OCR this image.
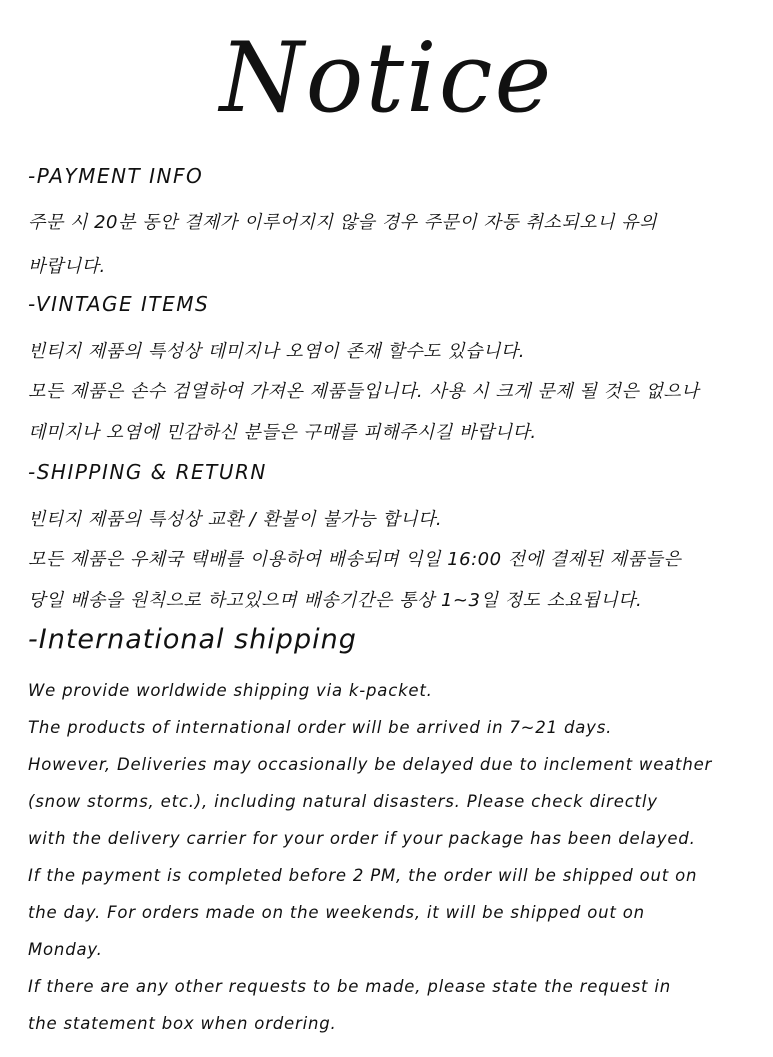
Notice

-PAYMENT INFO

주문 시 20분 동안 결제가 이루어지지 않을 경우 주문이 자동 취소되오니 유의

바랍니다.

-VINTAGE ITEMS

빈티지 제품의 특성상 데미지나 오염이 존재 할수도 있습니다.

모든 제품은 손수 검열하여 가져온 제품들입니다. 사용 시 크게 문제 될 것은 없으나

데미지나 오염에 민감하신 분들은 구매를 피해주시길 바랍니다.

-SHIPPING & RETURN

빈티지 제품의 특성상 교환 / 환불이 불가능 합니다.

모든 제품은 우체국 택배를 이용하여 배송되며 익일 16:00 전에 결제된 제품들은

당일 배송을 원칙으로 하고있으며 배송기간은 통상 1~3일 정도 소요됩니다.

-International shipping

We provide worldwide shipping via k-packet.

The products of international order will be arrived in 7~21 days.

However, Deliveries may occasionally be delayed due to inclement weather

(snow storms, etc.), including natural disasters. Please check directly

with the delivery carrier for your order if your package has been delayed.

If the payment is completed before 2 PM, the order will be shipped out on

the day. For orders made on the weekends, it will be shipped out on

Monday.

If there are any other requests to be made, please state the request in

the statement box when ordering.
